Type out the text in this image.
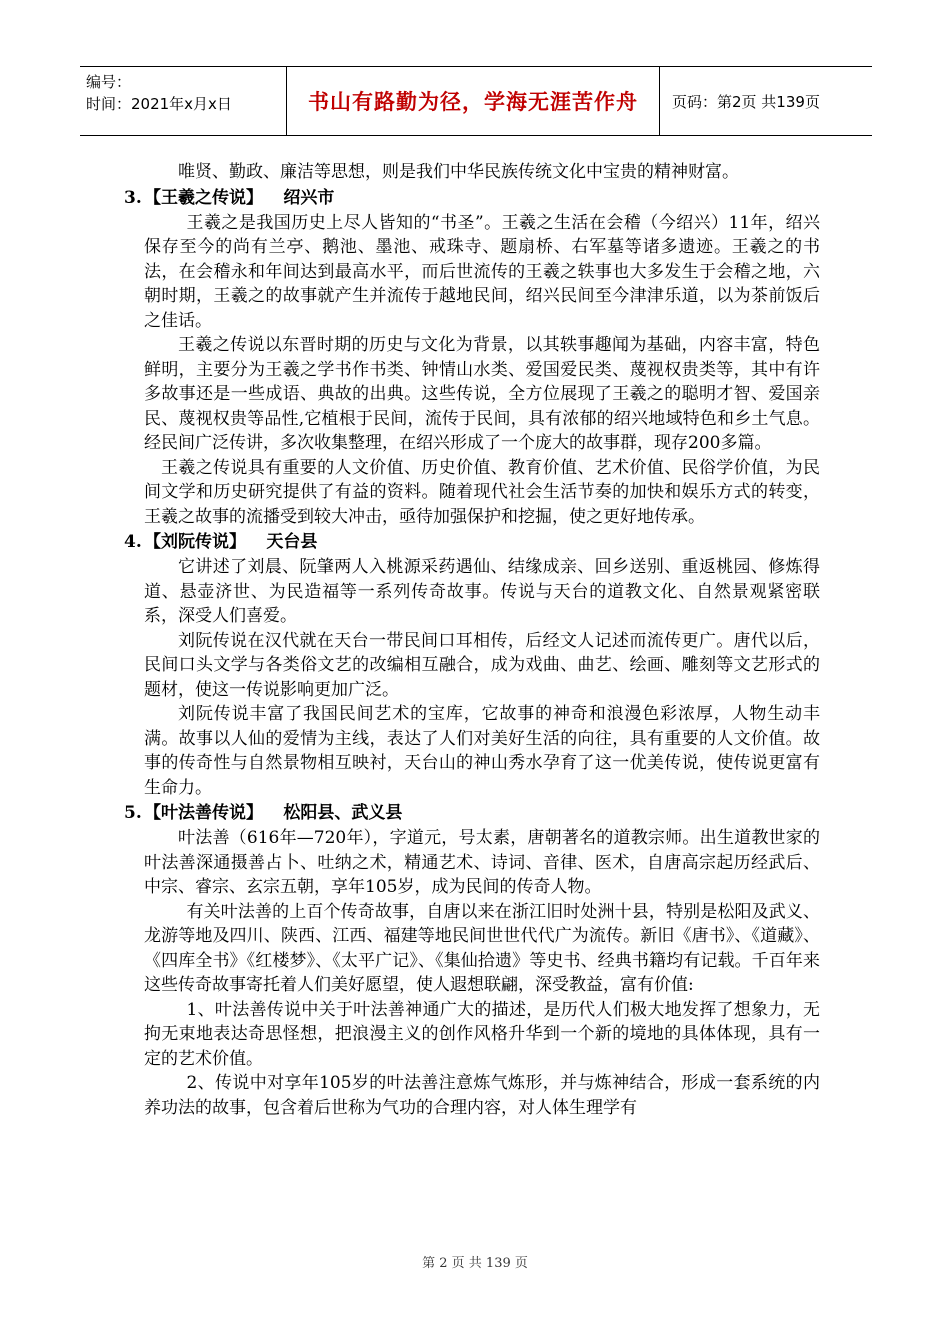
编号：
时间：2021年x月x日	书山有路勤为径，学海无涯苦作舟	页码：第2页 共139页

唯贤、勤政、廉洁等思想，则是我们中华民族传统文化中宝贵的精神财富。

3. 【王羲之传说】 绍兴市

王羲之是我国历史上尽人皆知的“书圣”。王羲之生活在会稽（今绍兴）11年，绍兴保存至今的尚有兰亭、鹅池、墨池、戒珠寺、题扇桥、右军墓等诸多遗迹。王羲之的书法，在会稽永和年间达到最高水平，而后世流传的王羲之轶事也大多发生于会稽之地，六朝时期，王羲之的故事就产生并流传于越地民间，绍兴民间至今津津乐道，以为茶前饭后之佳话。

王羲之传说以东晋时期的历史与文化为背景，以其轶事趣闻为基础，内容丰富，特色鲜明，主要分为王羲之学书作书类、钟情山水类、爱国爱民类、蔑视权贵类等，其中有许多故事还是一些成语、典故的出典。这些传说，全方位展现了王羲之的聪明才智、爱国亲民、蔑视权贵等品性,它植根于民间，流传于民间，具有浓郁的绍兴地域特色和乡土气息。经民间广泛传讲，多次收集整理，在绍兴形成了一个庞大的故事群，现存200多篇。

王羲之传说具有重要的人文价值、历史价值、教育价值、艺术价值、民俗学价值，为民间文学和历史研究提供了有益的资料。随着现代社会生活节奏的加快和娱乐方式的转变，王羲之故事的流播受到较大冲击，亟待加强保护和挖掘，使之更好地传承。

4. 【刘阮传说】 天台县

它讲述了刘晨、阮肇两人入桃源采药遇仙、结缘成亲、回乡送别、重返桃园、修炼得道、悬壶济世、为民造福等一系列传奇故事。传说与天台的道教文化、自然景观紧密联系，深受人们喜爱。

刘阮传说在汉代就在天台一带民间口耳相传，后经文人记述而流传更广。唐代以后，民间口头文学与各类俗文艺的改编相互融合，成为戏曲、曲艺、绘画、雕刻等文艺形式的题材，使这一传说影响更加广泛。

刘阮传说丰富了我国民间艺术的宝库，它故事的神奇和浪漫色彩浓厚，人物生动丰满。故事以人仙的爱情为主线，表达了人们对美好生活的向往，具有重要的人文价值。故事的传奇性与自然景物相互映衬，天台山的神山秀水孕育了这一优美传说，使传说更富有生命力。

5. 【叶法善传说】 松阳县、武义县

叶法善（616年—720年），字道元，号太素，唐朝著名的道教宗师。出生道教世家的叶法善深通摄善占卜、吐纳之术，精通艺术、诗词、音律、医术，自唐高宗起历经武后、中宗、睿宗、玄宗五朝，享年105岁，成为民间的传奇人物。

有关叶法善的上百个传奇故事，自唐以来在浙江旧时处洲十县，特别是松阳及武义、龙游等地及四川、陕西、江西、福建等地民间世世代代广为流传。新旧《唐书》、《道藏》、《四库全书》《红楼梦》、《太平广记》、《集仙拾遗》等史书、经典书籍均有记载。千百年来这些传奇故事寄托着人们美好愿望，使人遐想联翩，深受教益，富有价值:

1、叶法善传说中关于叶法善神通广大的描述，是历代人们极大地发挥了想象力，无拘无束地表达奇思怪想，把浪漫主义的创作风格升华到一个新的境地的具体体现，具有一定的艺术价值。

2、传说中对享年105岁的叶法善注意炼气炼形，并与炼神结合，形成一套系统的内养功法的故事，包含着后世称为气功的合理内容，对人体生理学有

第 2 页 共 139 页
